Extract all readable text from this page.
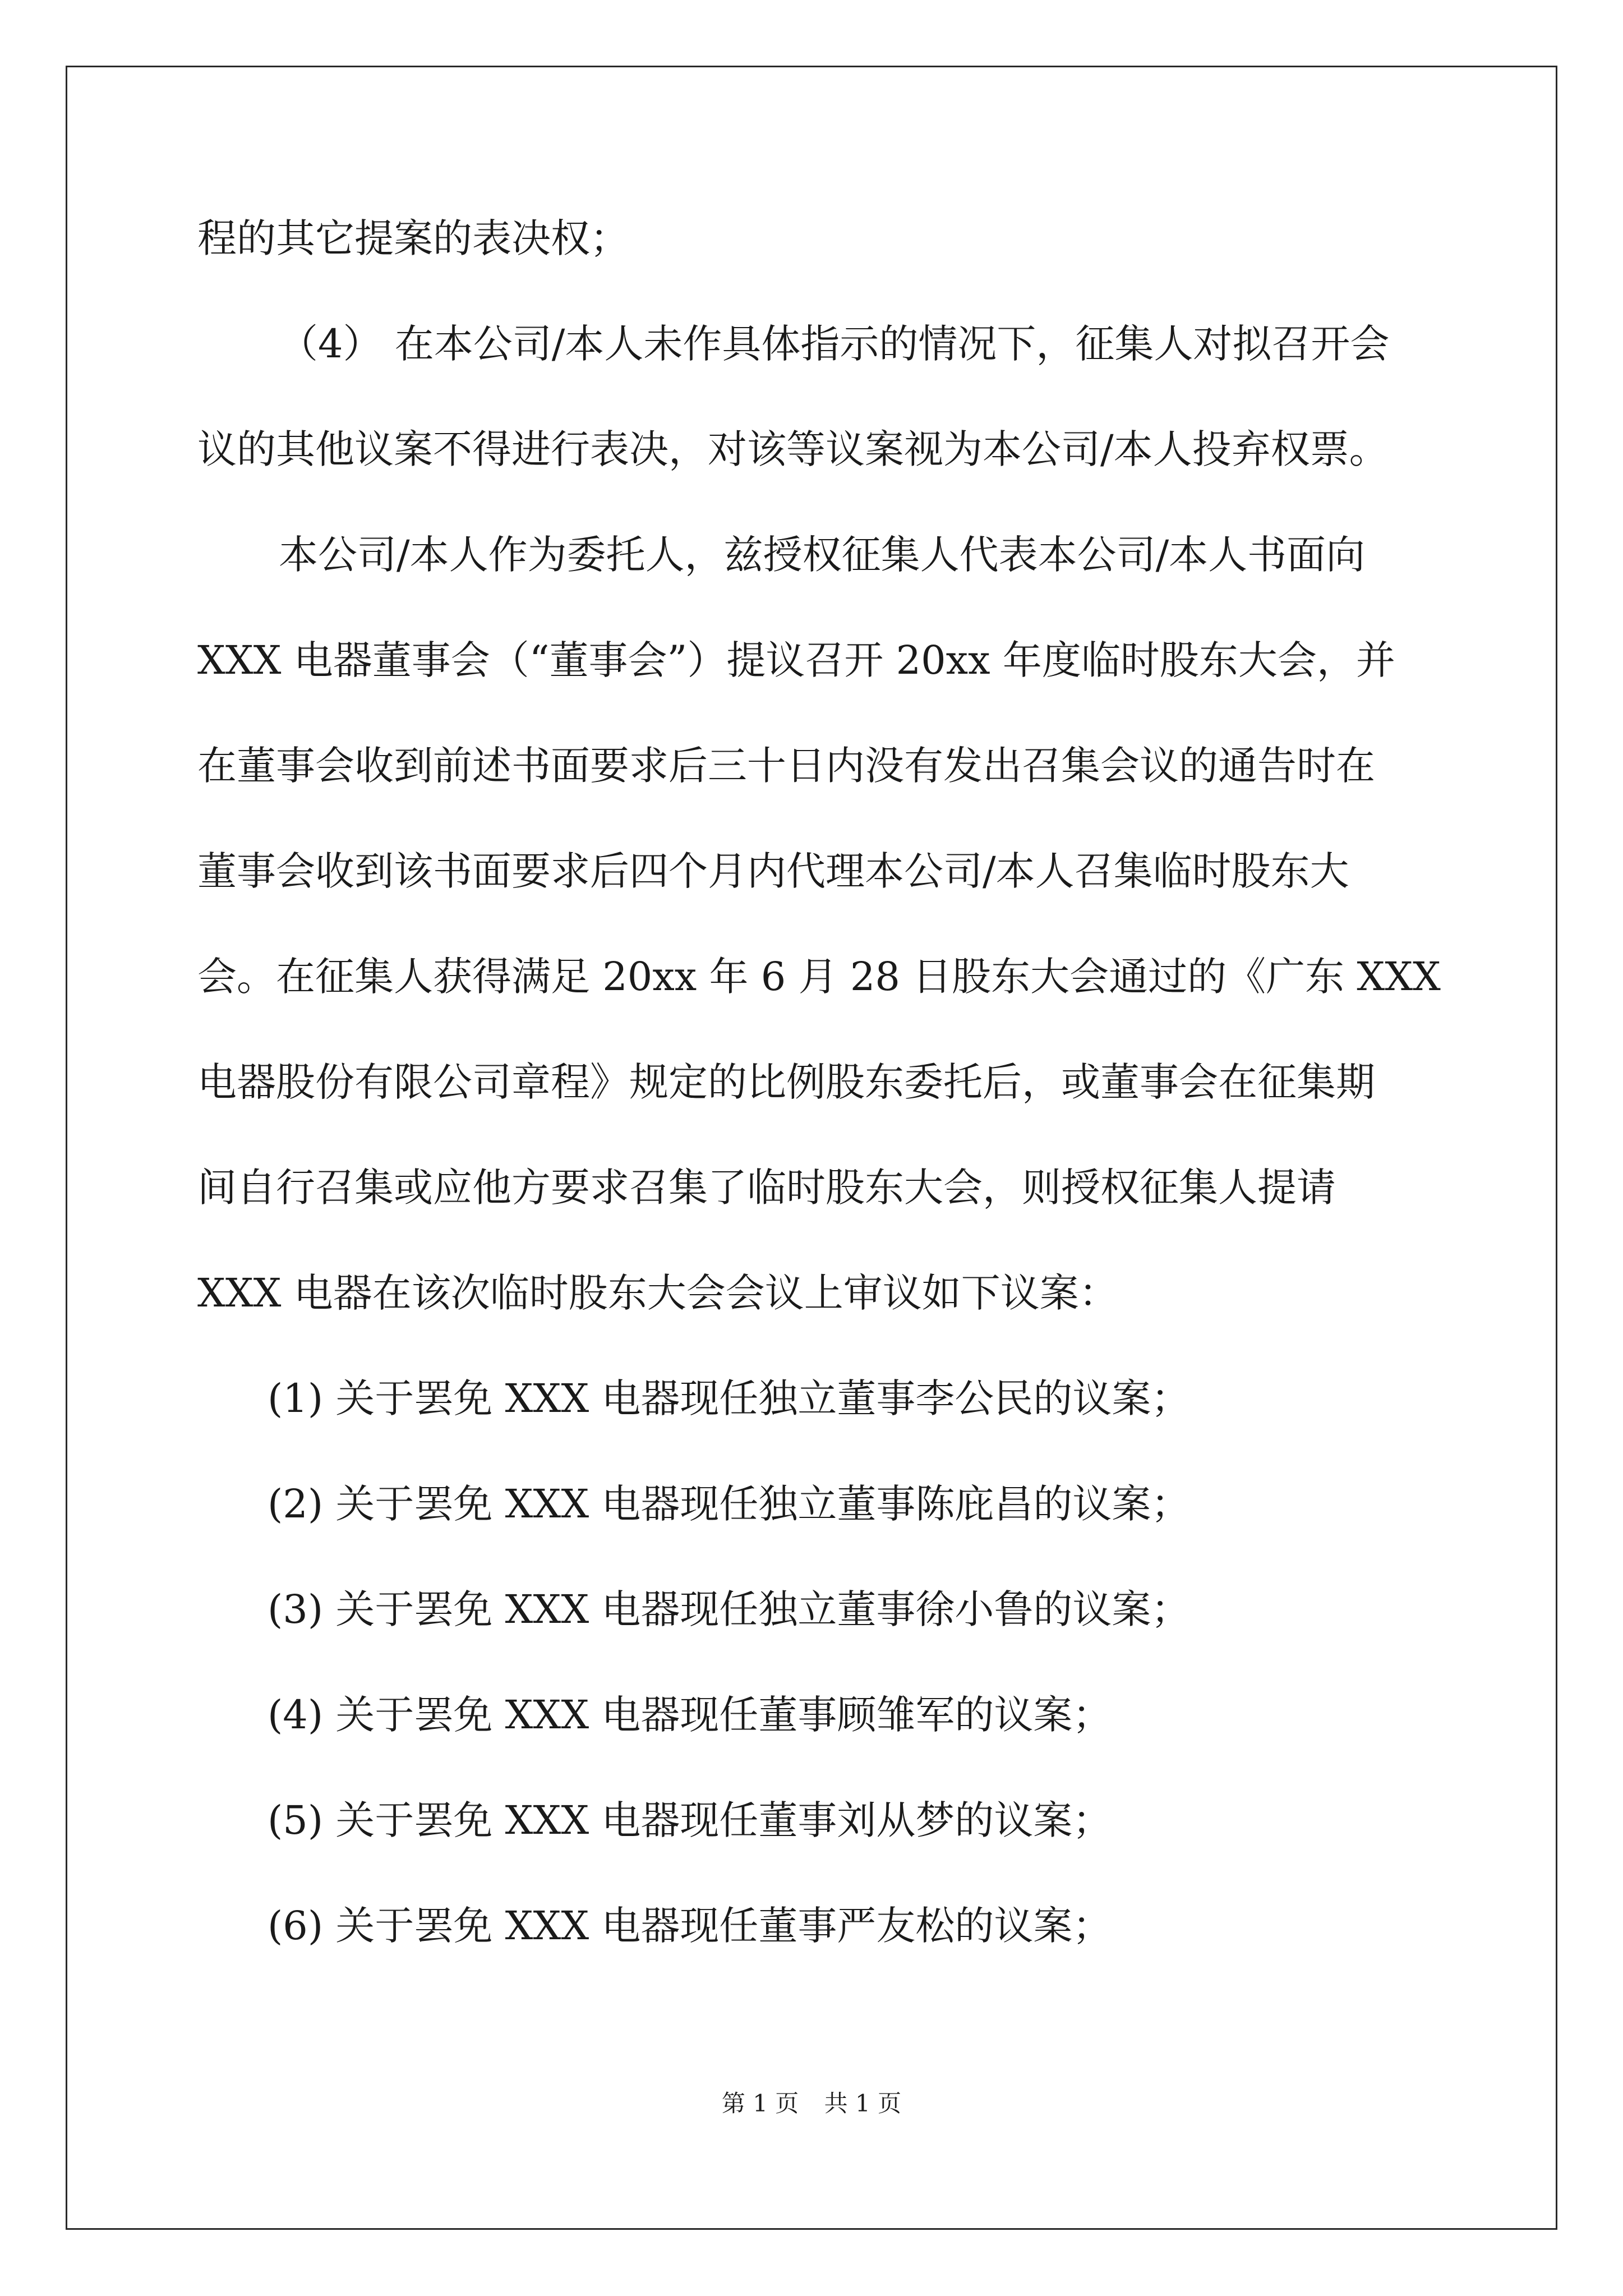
程的其它提案的表决权；
（4） 在本公司/本人未作具体指示的情况下，征集人对拟召开会
议的其他议案不得进行表决，对该等议案视为本公司/本人投弃权票。
本公司/本人作为委托人，兹授权征集人代表本公司/本人书面向
XXX 电器董事会（“董事会”）提议召开 20xx 年度临时股东大会，并
在董事会收到前述书面要求后三十日内没有发出召集会议的通告时在
董事会收到该书面要求后四个月内代理本公司/本人召集临时股东大
会。在征集人获得满足 20xx 年 6 月 28 日股东大会通过的《广东 XXX
电器股份有限公司章程》规定的比例股东委托后，或董事会在征集期
间自行召集或应他方要求召集了临时股东大会，则授权征集人提请
XXX 电器在该次临时股东大会会议上审议如下议案：
(1) 关于罢免 XXX 电器现任独立董事李公民的议案；
(2) 关于罢免 XXX 电器现任独立董事陈庇昌的议案；
(3) 关于罢免 XXX 电器现任独立董事徐小鲁的议案；
(4) 关于罢免 XXX 电器现任董事顾雏军的议案；
(5) 关于罢免 XXX 电器现任董事刘从梦的议案；
(6) 关于罢免 XXX 电器现任董事严友松的议案；
第 1 页 共 1 页
